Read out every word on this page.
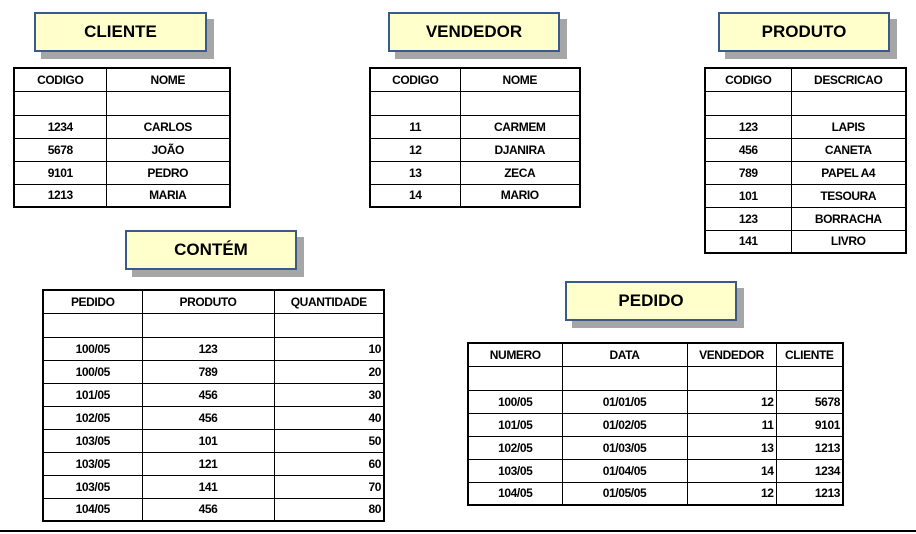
CLIENTE	VENDEDOR	PRODUTO
CONTÉM
PEDIDO
CODIGO	NOME

1234	CARLOS
5678	JOÃO
9101	PEDRO
1213	MARIA
CODIGO	NOME

11	CARMEM
12	DJANIRA
13	ZECA
14	MARIO
CODIGO	DESCRICAO

123	LAPIS
456	CANETA
789	PAPEL A4
101	TESOURA
123	BORRACHA
141	LIVRO
PEDIDO	PRODUTO	QUANTIDADE

100/05	123	10
100/05	789	20
101/05	456	30
102/05	456	40
103/05	101	50
103/05	121	60
103/05	141	70
104/05	456	80
NUMERO	DATA	VENDEDOR	CLIENTE

100/05	01/01/05	12	5678
101/05	01/02/05	11	9101
102/05	01/03/05	13	1213
103/05	01/04/05	14	1234
104/05	01/05/05	12	1213
